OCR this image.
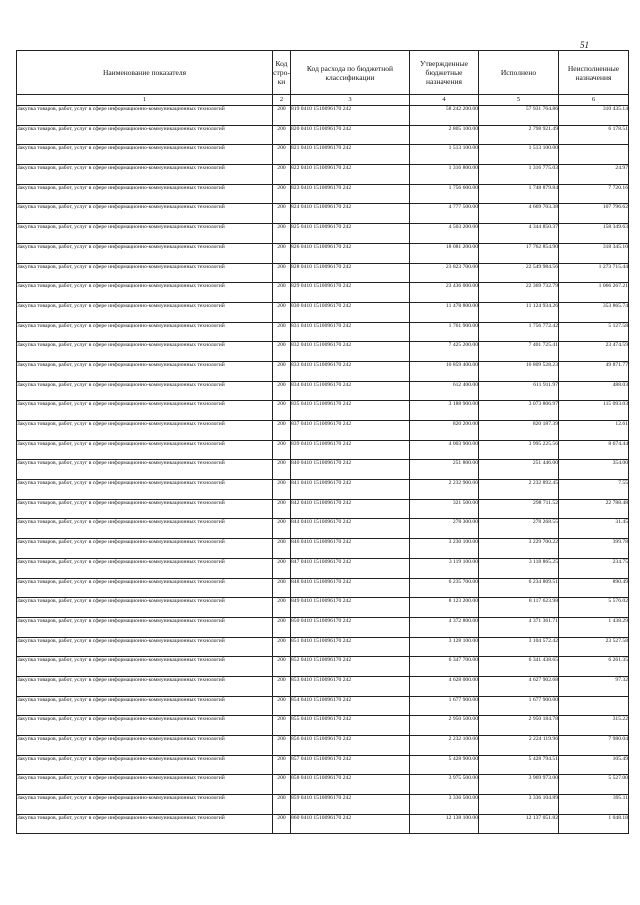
51
Наименование показателя	Код стро-ки	Код расхода по бюджетной классификации	Утвержденные бюджетные назначения	Исполнено	Неисполненные назначения
1	2	3	4	5	6
Закупка товаров, работ, услуг в сфере информационно-коммуникационных технологий	200	819 0410 1510096170 242	58 242 200.00	57 931 764.86	310 435.14
Закупка товаров, работ, услуг в сфере информационно-коммуникационных технологий	200	820 0410 1510096170 242	2 805 100.00	2 798 921.49	6 178.51
Закупка товаров, работ, услуг в сфере информационно-коммуникационных технологий	200	821 0410 1510096170 242	1 513 100.00	1 513 100.00	
Закупка товаров, работ, услуг в сфере информационно-коммуникационных технологий	200	822 0410 1510096170 242	1 316 800.00	1 316 775.03	24.97
Закупка товаров, работ, услуг в сфере информационно-коммуникационных технологий	200	823 0410 1510096170 242	1 756 600.00	1 748 879.84	7 720.16
Закупка товаров, работ, услуг в сфере информационно-коммуникационных технологий	200	824 0410 1510096170 242	4 777 500.00	4 669 703.38	107 796.62
Закупка товаров, работ, услуг в сфере информационно-коммуникационных технологий	200	825 0410 1510096170 242	4 503 200.00	4 344 850.37	158 349.63
Закупка товаров, работ, услуг в сфере информационно-коммуникационных технологий	200	826 0410 1510096170 242	18 081 200.00	17 762 854.90	318 345.10
Закупка товаров, работ, услуг в сфере информационно-коммуникационных технологий	200	828 0410 1510096170 242	23 823 700.00	22 549 984.56	1 273 715.44
Закупка товаров, работ, услуг в сфере информационно-коммуникационных технологий	200	829 0410 1510096170 242	23 436 000.00	22 369 732.79	1 066 267.21
Закупка товаров, работ, услуг в сфере информационно-коммуникационных технологий	200	830 0410 1510096170 242	11 478 800.00	11 124 934.26	353 865.74
Закупка товаров, работ, услуг в сфере информационно-коммуникационных технологий	200	831 0410 1510096170 242	1 761 900.00	1 756 772.42	5 127.58
Закупка товаров, работ, услуг в сфере информационно-коммуникационных технологий	200	832 0410 1510096170 242	7 425 200.00	7 401 725.41	23 474.59
Закупка товаров, работ, услуг в сфере информационно-коммуникационных технологий	200	833 0410 1510096170 242	10 859 400.00	10 809 528.23	49 871.77
Закупка товаров, работ, услуг в сфере информационно-коммуникационных технологий	200	834 0410 1510096170 242	612 400.00	611 911.97	488.03
Закупка товаров, работ, услуг в сфере информационно-коммуникационных технологий	200	835 0410 1510096170 242	3 188 900.00	3 073 806.97	115 093.03
Закупка товаров, работ, услуг в сфере информационно-коммуникационных технологий	200	837 0410 1510096170 242	820 200.00	820 187.39	12.61
Закупка товаров, работ, услуг в сфере информационно-коммуникационных технологий	200	839 0410 1510096170 242	4 003 900.00	3 995 225.56	8 674.44
Закупка товаров, работ, услуг в сфере информационно-коммуникационных технологий	200	840 0410 1510096170 242	251 800.00	251 446.00	354.00
Закупка товаров, работ, услуг в сфере информационно-коммуникационных технологий	200	841 0410 1510096170 242	2 232 900.00	2 232 892.45	7.55
Закупка товаров, работ, услуг в сфере информационно-коммуникационных технологий	200	842 0410 1510096170 242	321 500.00	298 711.52	22 788.48
Закупка товаров, работ, услуг в сфере информационно-коммуникационных технологий	200	844 0410 1510096170 242	278 300.00	278 268.55	31.45
Закупка товаров, работ, услуг в сфере информационно-коммуникационных технологий	200	846 0410 1510096170 242	3 230 100.00	3 229 700.22	399.78
Закупка товаров, работ, услуг в сфере информационно-коммуникационных технологий	200	847 0410 1510096170 242	3 119 100.00	3 118 865.25	234.75
Закупка товаров, работ, услуг в сфере информационно-коммуникационных технологий	200	848 0410 1510096170 242	6 235 700.00	6 234 809.51	890.49
Закупка товаров, работ, услуг в сфере информационно-коммуникационных технологий	200	849 0410 1510096170 242	8 123 200.00	8 117 623.98	5 576.02
Закупка товаров, работ, услуг в сфере информационно-коммуникационных технологий	200	850 0410 1510096170 242	4 372 800.00	4 371 361.71	1 438.29
Закупка товаров, работ, услуг в сфере информационно-коммуникационных технологий	200	851 0410 1510096170 242	3 128 100.00	3 104 572.42	23 527.58
Закупка товаров, работ, услуг в сфере информационно-коммуникационных технологий	200	852 0410 1510096170 242	6 347 700.00	6 341 438.65	6 261.35
Закупка товаров, работ, услуг в сфере информационно-коммуникационных технологий	200	853 0410 1510096170 242	4 628 000.00	4 627 902.68	97.32
Закупка товаров, работ, услуг в сфере информационно-коммуникационных технологий	200	854 0410 1510096170 242	1 677 900.00	1 677 900.00	
Закупка товаров, работ, услуг в сфере информационно-коммуникационных технологий	200	855 0410 1510096170 242	2 950 500.00	2 950 184.78	315.22
Закупка товаров, работ, услуг в сфере информационно-коммуникационных технологий	200	856 0410 1510096170 242	2 232 100.00	2 224 119.96	7 980.04
Закупка товаров, работ, услуг в сфере информационно-коммуникационных технологий	200	857 0410 1510096170 242	5 428 900.00	5 428 794.51	105.49
Закупка товаров, работ, услуг в сфере информационно-коммуникационных технологий	200	858 0410 1510096170 242	3 975 500.00	3 969 973.00	5 527.00
Закупка товаров, работ, услуг в сфере информационно-коммуникационных технологий	200	859 0410 1510096170 242	3 336 500.00	3 336 104.89	395.11
Закупка товаров, работ, услуг в сфере информационно-коммуникационных технологий	200	860 0410 1510096170 242	12 138 100.00	12 137 051.82	1 048.18
